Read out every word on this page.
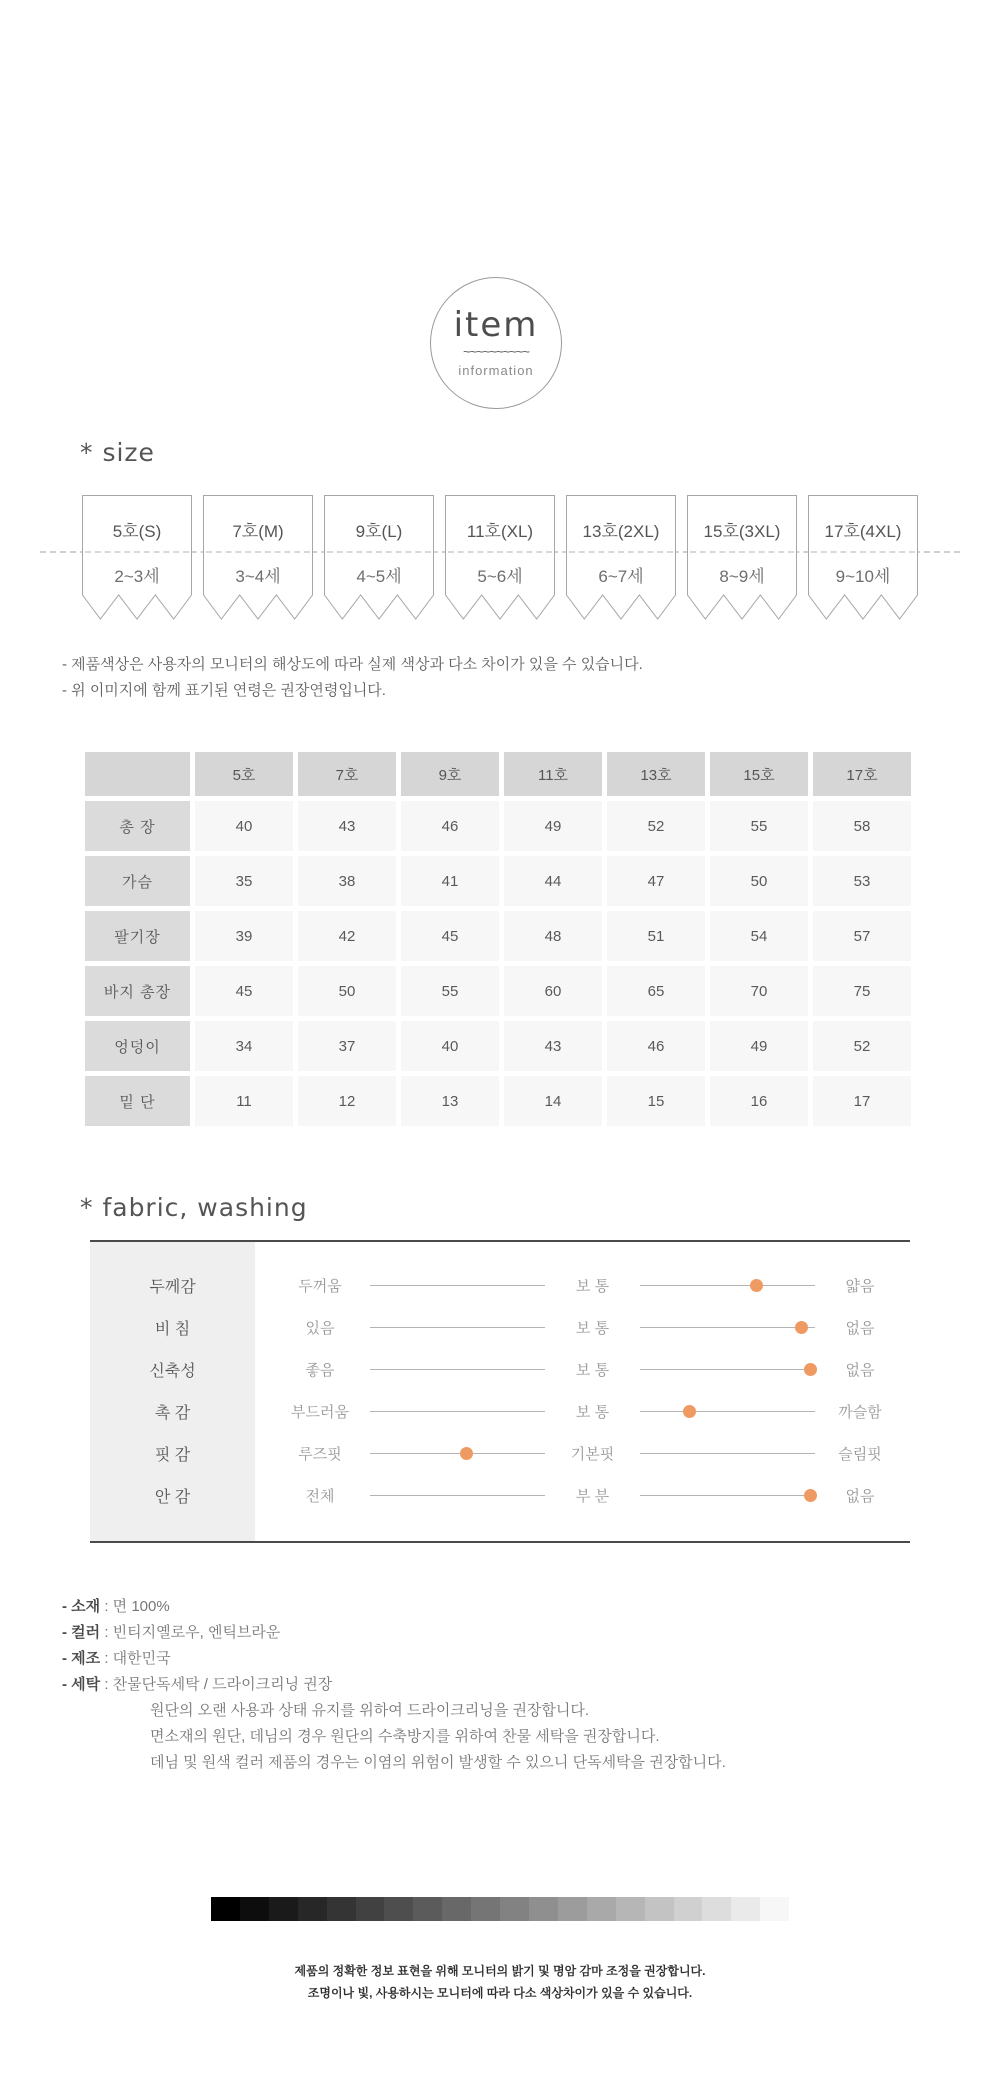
item
~~~~~~~~~~
information
* size
5호(S)
2~3세
7호(M)
3~4세
9호(L)
4~5세
11호(XL)
5~6세
13호(2XL)
6~7세
15호(3XL)
8~9세
17호(4XL)
9~10세
- 제품색상은 사용자의 모니터의 해상도에 따라 실제 색상과 다소 차이가 있을 수 있습니다.
- 위 이미지에 함께 표기된 연령은 권장연령입니다.
	5호	7호	9호	11호	13호	15호	17호
총 장	40	43	46	49	52	55	58
가슴	35	38	41	44	47	50	53
팔기장	39	42	45	48	51	54	57
바지 총장	45	50	55	60	65	70	75
엉덩이	34	37	40	43	46	49	52
밑 단	11	12	13	14	15	16	17
* fabric, washing
두께감	두꺼움	보 통	얇음
비 침	있음	보 통	없음
신축성	좋음	보 통	없음
촉 감	부드러움	보 통	까슬함
핏 감	루즈핏	기본핏	슬림핏
안 감	전체	부 분	없음
- 소재 : 면 100%
- 컬러 : 빈티지옐로우, 엔틱브라운
- 제조 : 대한민국
- 세탁 : 찬물단독세탁 / 드라이크리닝 권장
원단의 오랜 사용과 상태 유지를 위하여 드라이크리닝을 권장합니다.
면소재의 원단, 데님의 경우 원단의 수축방지를 위하여 찬물 세탁을 권장합니다.
데님 및 원색 컬러 제품의 경우는 이염의 위험이 발생할 수 있으니 단독세탁을 권장합니다.
제품의 정확한 정보 표현을 위해 모니터의 밝기 및 명암 감마 조정을 권장합니다.
조명이나 빛, 사용하시는 모니터에 따라 다소 색상차이가 있을 수 있습니다.
